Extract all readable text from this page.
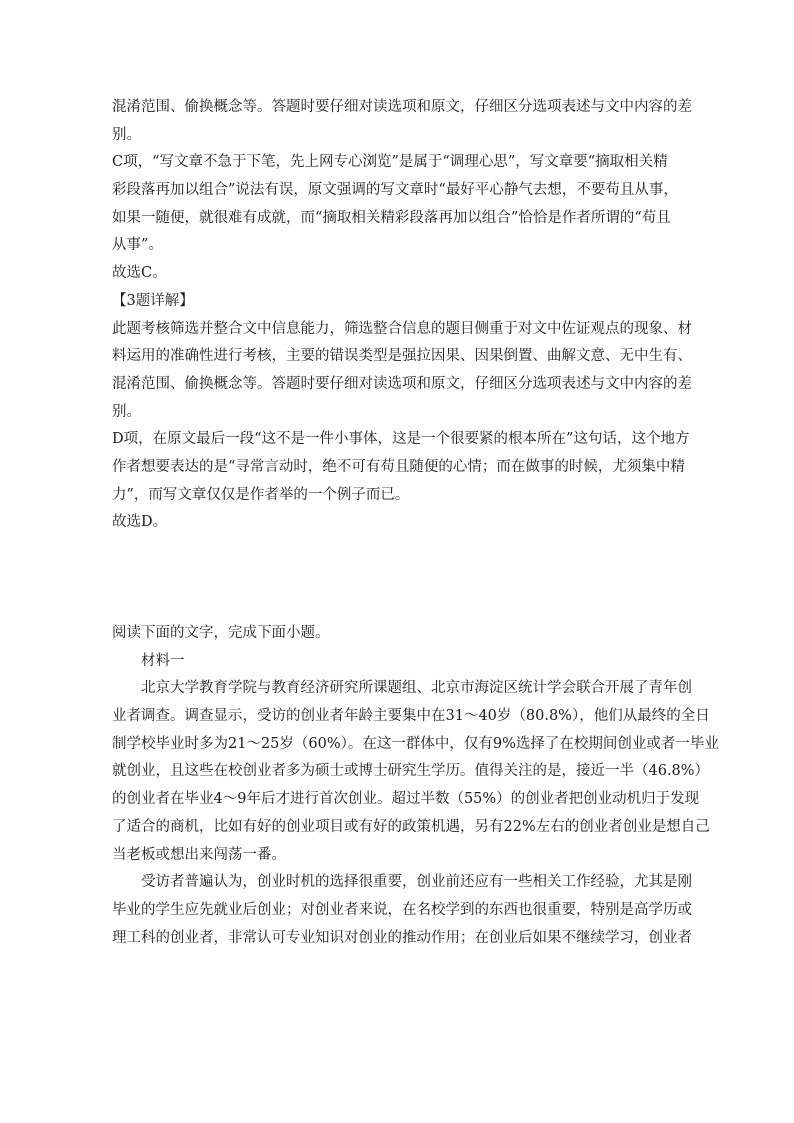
混淆范围、偷换概念等。答题时要仔细对读选项和原文，仔细区分选项表述与文中内容的差
别。
C项，“写文章不急于下笔，先上网专心浏览”是属于“调理心思”，写文章要“摘取相关精
彩段落再加以组合”说法有误，原文强调的写文章时“最好平心静气去想，不要苟且从事，
如果一随便，就很难有成就，而“摘取相关精彩段落再加以组合”恰恰是作者所谓的“苟且
从事”。
故选C。
【3题详解】
此题考核筛选并整合文中信息能力，筛选整合信息的题目侧重于对文中佐证观点的现象、材
料运用的准确性进行考核，主要的错误类型是强拉因果、因果倒置、曲解文意、无中生有、
混淆范围、偷换概念等。答题时要仔细对读选项和原文，仔细区分选项表述与文中内容的差
别。
D项，在原文最后一段“这不是一件小事体，这是一个很要紧的根本所在”这句话，这个地方
作者想要表达的是“寻常言动时，绝不可有苟且随便的心情；而在做事的时候，尤须集中精
力”，而写文章仅仅是作者举的一个例子而已。
故选D。
阅读下面的文字，完成下面小题。
材料一
北京大学教育学院与教育经济研究所课题组、北京市海淀区统计学会联合开展了青年创
业者调查。调查显示，受访的创业者年龄主要集中在31～40岁（80.8%），他们从最终的全日
制学校毕业时多为21～25岁（60%）。在这一群体中，仅有9%选择了在校期间创业或者一毕业
就创业，且这些在校创业者多为硕士或博士研究生学历。值得关注的是，接近一半（46.8%）
的创业者在毕业4～9年后才进行首次创业。超过半数（55%）的创业者把创业动机归于发现
了适合的商机，比如有好的创业项目或有好的政策机遇，另有22%左右的创业者创业是想自己
当老板或想出来闯荡一番。
受访者普遍认为，创业时机的选择很重要，创业前还应有一些相关工作经验，尤其是刚
毕业的学生应先就业后创业；对创业者来说，在名校学到的东西也很重要，特别是高学历或
理工科的创业者，非常认可专业知识对创业的推动作用；在创业后如果不继续学习，创业者
